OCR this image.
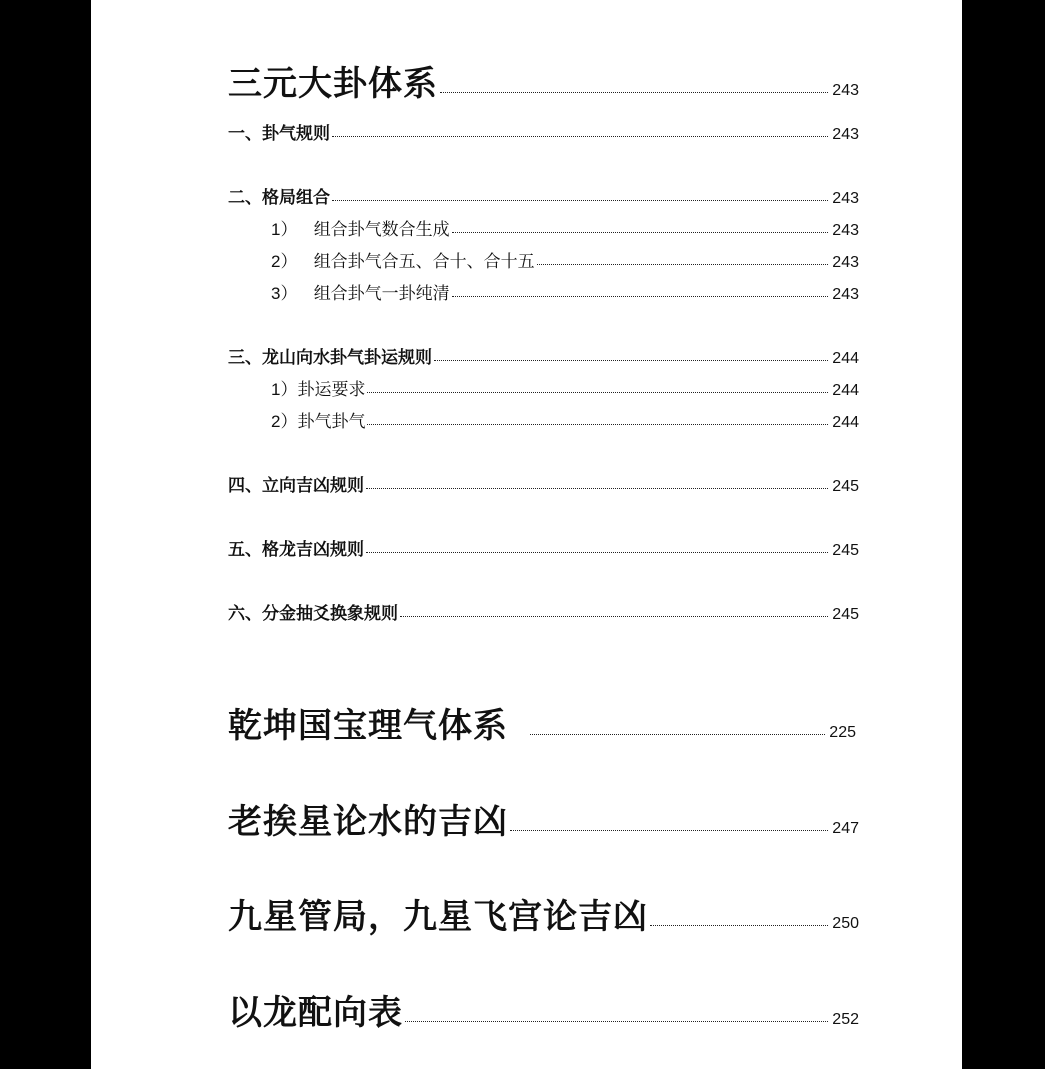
三元大卦体系	243
一、卦气规则	243
二、格局组合	243
1） 组合卦气数合生成	243
2） 组合卦气合五、合十、合十五	243
3） 组合卦气一卦纯清	243
三、龙山向水卦气卦运规则	244
1）卦运要求	244
2）卦气卦气	244
四、立向吉凶规则	245
五、格龙吉凶规则	245
六、分金抽爻换象规则	245
乾坤国宝理气体系	225
老挨星论水的吉凶	247
九星管局，九星飞宫论吉凶	250
以龙配向表	252
